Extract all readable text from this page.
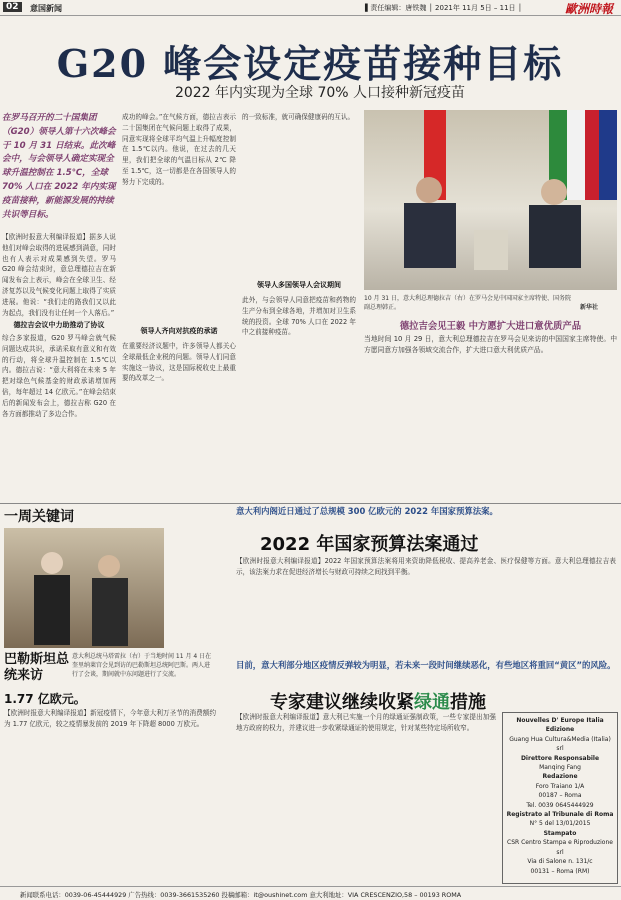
02	意国新闻	▌责任编辑：唐铁魏 │ 2021年 11月 5日 – 11日 │	歐洲時報
G20 峰会设定疫苗接种目标
2022 年内实现为全球 70% 人口接种新冠疫苗
在罗马召开的二十国集团（G20）领导人第十六次峰会于 10 月 31 日结束。此次峰会中，与会领导人确定实现全球升温控制在 1.5℃，全球 70% 人口在 2022 年内实现疫苗接种，新能源发展的持续共识等目标。
【欧洲时报意大利编译报道】据多人说他们对峰会取得的进展感到满意，同时也有人表示对成果感到失望。罗马 G20 峰会结束时，意总理德拉吉在新闻发布会上表示，峰会在全球卫生、经济复苏以及气候变化问题上取得了实质进展。他说：“我们走的路我们又以此为起点，我们没有让任何一个人落后。”
德拉吉会议中力助推动了协议
综合多家报道，G20 罗马峰会就气候问题达成共识，承诺采取有意义和有效的行动，将全球升温控制在 1.5℃以内。德拉吉说：“意大利将在未来 5 年把对绿色气候基金的财政承诺增加两倍，每年超过 14 亿欧元。”在峰会结束后的新闻发布会上，德拉吉称 G20 在各方面都推动了多边合作。
成功的峰会。”在气候方面，德拉吉表示二十国集团在气候问题上取得了成果，同意实现将全球平均气温上升幅度控制在 1.5℃以内。他说，在过去的几天里，我们把全球的气温目标从 2℃ 降至 1.5℃，这一切都是在各国领导人的努力下完成的。
领导人齐向对抗疫的承诺
在重要经济议题中，许多领导人都关心全球最低企业税的问题。领导人们同意实施这一协议，这是国际税收史上最重要的改革之一。
的一致标准，就可确保健康码的互认。
领导人多国领导人会议期间
此外，与会领导人同意把疫苗和药物的生产分布到全球各地，并增加对卫生系统的投资。全球 70% 人口在 2022 年中之前接种疫苗。
10 月 31 日，意大利总理德拉吉（右）在罗马会见中国国家主席特使、国务院副总理韩正。	新华社
德拉吉会见王毅 中方愿扩大进口意优质产品
当地时间 10 月 29 日，意大利总理德拉吉在罗马会见来访的中国国家主席特使。中方愿同意方加强各领域交流合作，扩大进口意大利优质产品。
一周关键词
意大利总统马塔雷拉（右）于当地时间 11 月 4 日在奎里纳莱宫会见到访的巴勒斯坦总统阿巴斯。两人进行了会谈，期间就中东问题进行了交流。
巴勒斯坦总统来访
1.77 亿欧元。
【欧洲时报意大利编译报道】新冠疫情下，今年意大利万圣节的消费额约为 1.77 亿欧元，较之疫情暴发前的 2019 年下降超 8000 万欧元。
意大利内阁近日通过了总规模 300 亿欧元的 2022 年国家预算法案。
2022 年国家预算法案通过
【欧洲时报意大利编译报道】2022 年国家预算法案将用来资助降低税收、提高养老金、医疗保健等方面。意大利总理德拉吉表示，该法案力求在促进经济增长与财政可持续之间找到平衡。
目前，意大利部分地区疫情反弹较为明显，若未来一段时间继续恶化，有些地区将重回“黄区”的风险。
专家建议继续收紧绿通措施
【欧洲时报意大利编译报道】意大利已实施一个月的绿通证强制政策，一些专家提出加强地方政府的权力，并建议进一步收紧绿通证的使用规定，针对某些特定场所收窄。
Nouvelles D' Europe Italia Edizione
Guang Hua Cultura&Media (Italia) srl
Direttore Responsabile
Manqing Fang
Redazione
Foro Traiano 1/A
00187 – Roma
Tel. 0039 0645444929
Registrato al Tribunale di Roma
N° 5 del 13/01/2015
Stampato
CSR Centro Stampa e Riproduzione srl
Via di Salone n. 131/c
00131 – Roma (RM)
新闻联系电话：0039-06-45444929 广告热线：0039-3661535260 投稿邮箱：it@oushinet.com 意大利地址：VIA CRESCENZIO,58 – 00193 ROMA
